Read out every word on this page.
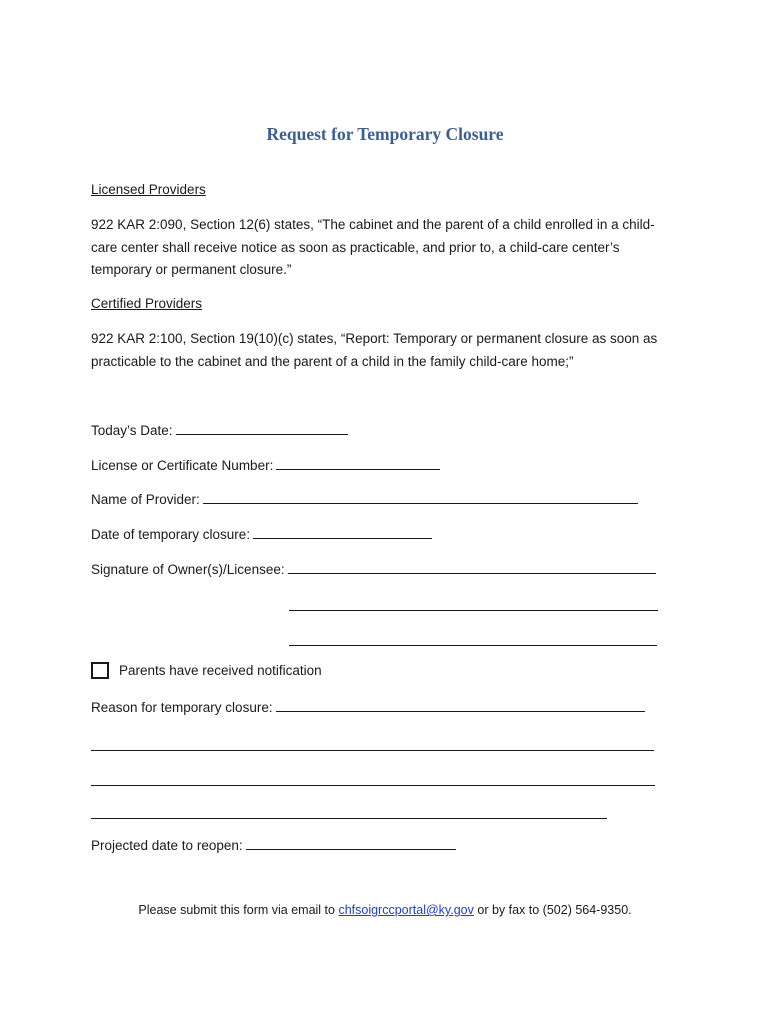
Request for Temporary Closure
Licensed Providers
922 KAR 2:090, Section 12(6) states, “The cabinet and the parent of a child enrolled in a child-care center shall receive notice as soon as practicable, and prior to, a child-care center’s temporary or permanent closure.”
Certified Providers
922 KAR 2:100, Section 19(10)(c) states, “Report: Temporary or permanent closure as soon as practicable to the cabinet and the parent of a child in the family child-care home;”
Today’s Date:
License or Certificate Number:
Name of Provider:
Date of temporary closure:
Signature of Owner(s)/Licensee:
Parents have received notification
Reason for temporary closure:
Projected date to reopen:
Please submit this form via email to chfsoigrccportal@ky.gov or by fax to (502) 564-9350.
